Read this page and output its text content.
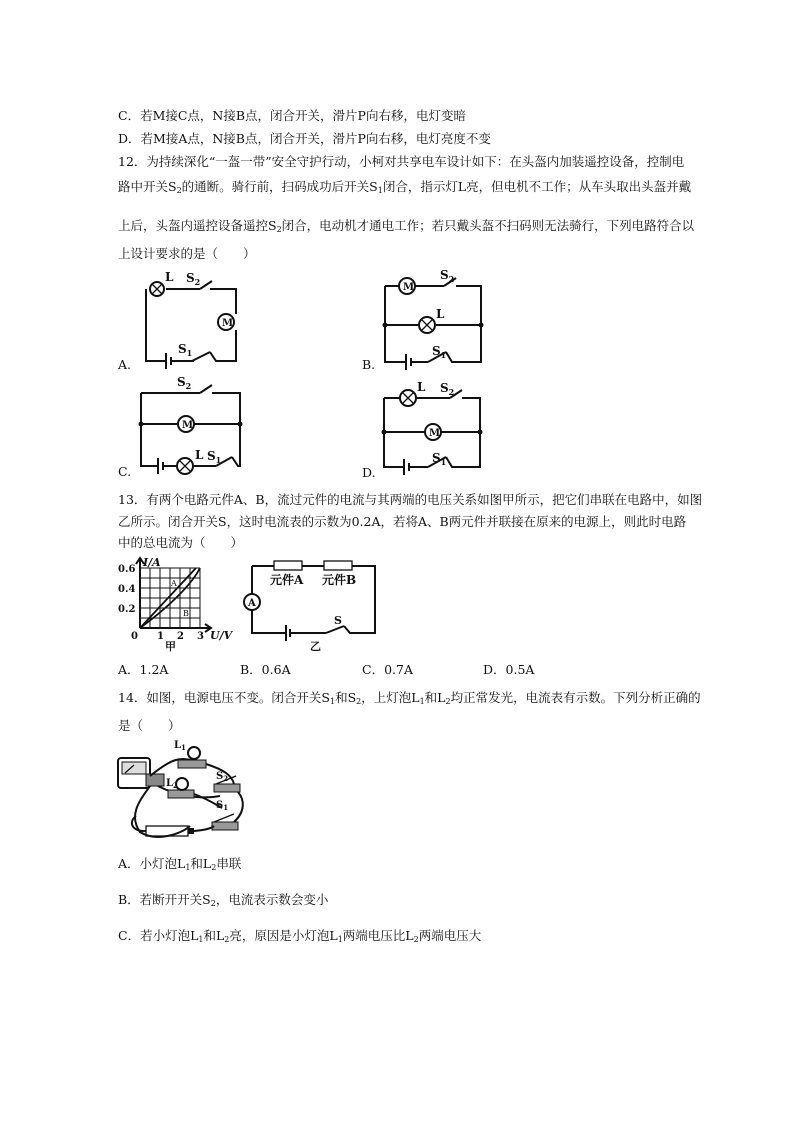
C．若M接C点，N接B点，闭合开关，滑片P向右移，电灯变暗
D．若M接A点，N接B点，闭合开关，滑片P向右移，电灯亮度不变
12．为持续深化“一盔一带”安全守护行动，小柯对共享电车设计如下：在头盔内加装遥控设备，控制电
路中开关$S_2$的通断。骑行前，扫码成功后开关$S_1$闭合，指示灯L亮，但电机不工作；从车头取出头盔并戴
上后，头盔内遥控设备遥控$S_2$闭合，电动机才通电工作；若只戴头盔不扫码则无法骑行，下列电路符合以
上设计要求的是（　　）
A.	B.
C.	D.
M
L $S_2$
$S_1$
M
L
$S_2$
$S_1$
M
L
$S_2$
$S_1$
M
L $S_2$
$S_1$
13．有两个电路元件A、B，流过元件的电流与其两端的电压关系如图甲所示，把它们串联在电路中，如图
乙所示。闭合开关S，这时电流表的示数为0.2A，若将A、B两元件并联接在原来的电源上，则此时电路
中的总电流为（　　）
I/A
0.6
0.4
0.2
0 1 2 3 U/V
甲
A
B
A
元件A 元件B
S
乙
A．1.2A	B．0.6A	C．0.7A	D．0.5A
14．如图，电源电压不变。闭合开关$S_1$和$S_2$，上灯泡$L_1$和$L_2$均正常发光，电流表有示数。下列分析正确的
是（　　）
$L_1$
$L_2$
$S_2$
$S_1$
A．小灯泡$L_1$和$L_2$串联
B．若断开开关$S_2$，电流表示数会变小
C．若小灯泡$L_1$和$L_2$亮，原因是小灯泡$L_1$两端电压比$L_2$两端电压大
